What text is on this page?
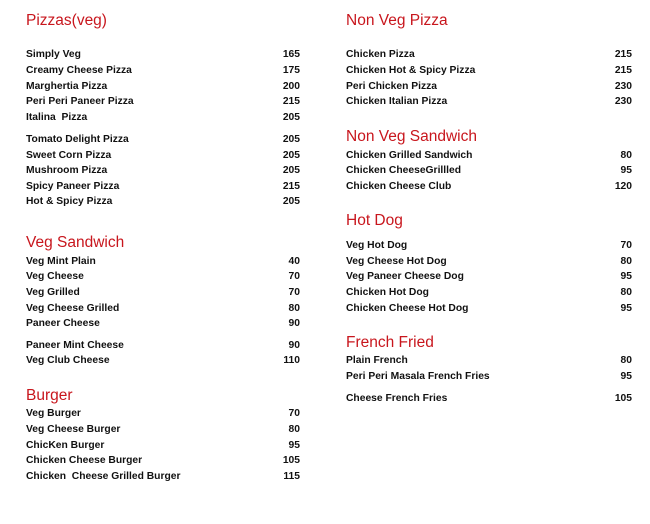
Pizzas(veg)
Simply Veg	165
Creamy Cheese Pizza	175
Marghertia Pizza	200
Peri Peri Paneer Pizza	215
Italina  Pizza	205
Tomato Delight Pizza	205
Sweet Corn Pizza	205
Mushroom Pizza	205
Spicy Paneer Pizza	215
Hot & Spicy Pizza	205
Veg Sandwich
Veg Mint Plain	40
Veg Cheese	70
Veg Grilled	70
Veg Cheese Grilled	80
Paneer Cheese	90
Paneer Mint Cheese	90
Veg Club Cheese	110
Burger
Veg Burger	70
Veg Cheese Burger	80
ChicKen Burger	95
Chicken Cheese Burger	105
Chicken  Cheese Grilled Burger	115
Non Veg Pizza
Chicken Pizza	215
Chicken Hot & Spicy Pizza	215
Peri Chicken Pizza	230
Chicken Italian Pizza	230
Non Veg Sandwich
Chicken Grilled Sandwich	80
Chicken CheeseGrillled	95
Chicken Cheese Club	120
Hot Dog
Veg Hot Dog	70
Veg Cheese Hot Dog	80
Veg Paneer Cheese Dog	95
Chicken Hot Dog	80
Chicken Cheese Hot Dog	95
French Fried
Plain French	80
Peri Peri Masala French Fries	95
Cheese French Fries	105
